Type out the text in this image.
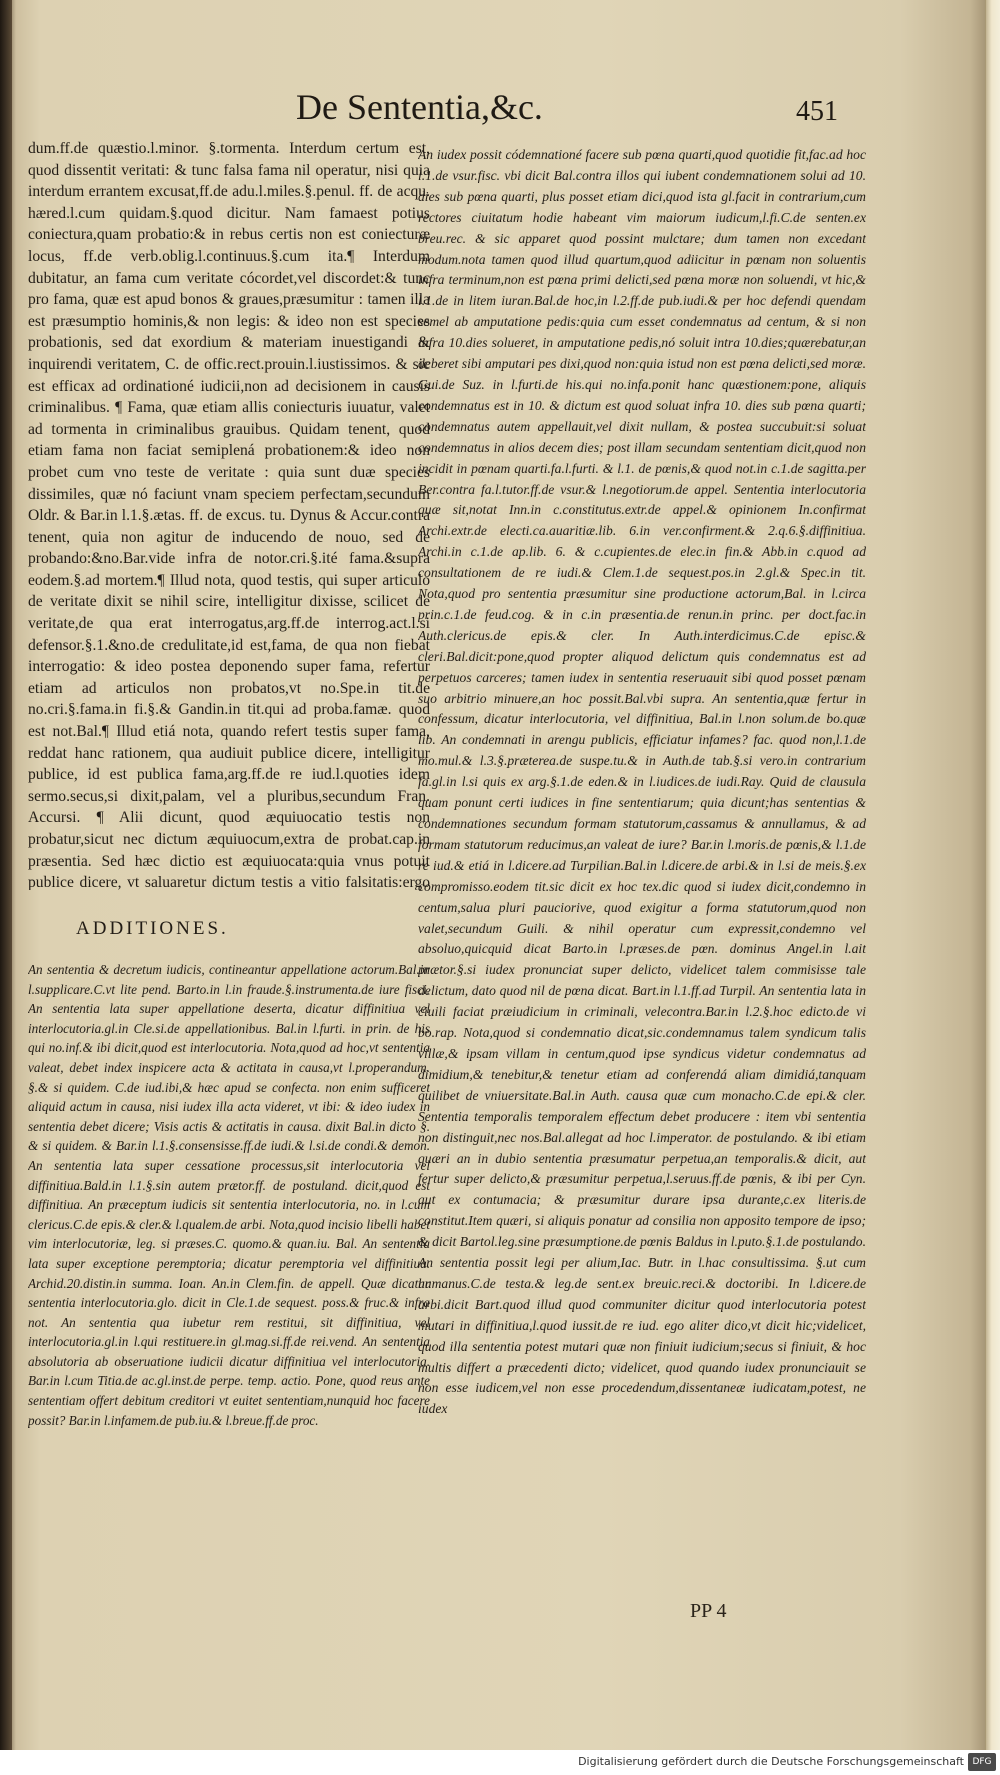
De Sententia,&c.	451

dum.ff.de quæstio.l.minor. §.tormenta. Interdum certum est, quod dissentit veritati: & tunc falsa fama nil operatur, nisi quia interdum errantem excusat,ff.de adu.l.miles.§.penul. ff. de acqu. hæred.l.cum quidam.§.quod dicitur. Nam famaest potius coniectura,quam probatio:& in rebus certis non est coniecturæ locus, ff.de verb.oblig.l.continuus.§.cum ita.¶ Interdum dubitatur, an fama cum veritate cócordet,vel discordet:& tunc pro fama, quæ est apud bonos & graues,præsumitur : tamen illa est præsumptio hominis,& non legis: & ideo non est species probationis, sed dat exordium & materiam inuestigandi & inquirendi veritatem, C. de offic.rect.prouin.l.iustissimos. & sic est efficax ad ordinationé iudicii,non ad decisionem in causis criminalibus. ¶ Fama, quæ etiam allis coniecturis iuuatur, valet ad tormenta in criminalibus grauibus. Quidam tenent, quod etiam fama non faciat semiplená probationem:& ideo non probet cum vno teste de veritate : quia sunt duæ species dissimiles, quæ nó faciunt vnam speciem perfectam,secundum Oldr. & Bar.in l.1.§.ætas. ff. de excus. tu. Dynus & Accur.contra tenent, quia non agitur de inducendo de nouo, sed de probando:&no.Bar.vide infra de notor.cri.§.ité fama.&supra eodem.§.ad mortem.¶ Illud nota, quod testis, qui super articulo de veritate dixit se nihil scire, intelligitur dixisse, scilicet de veritate,de qua erat interrogatus,arg.ff.de interrog.act.l.si defensor.§.1.&no.de credulitate,id est,fama, de qua non fiebat interrogatio: & ideo postea deponendo super fama, refertur etiam ad articulos non probatos,vt no.Spe.in tit.de no.cri.§.fama.in fi.§.& Gandin.in tit.qui ad proba.famæ. quod est not.Bal.¶ Illud etiá nota, quando refert testis super fama, reddat hanc rationem, qua audiuit publice dicere, intelligitur publice, id est publica fama,arg.ff.de re iud.l.quoties idem sermo.secus,si dixit,palam, vel a pluribus,secundum Fran. Accursi. ¶ Alii dicunt, quod æquiuocatio testis non probatur,sicut nec dictum æquiuocum,extra de probat.cap.in præsentia. Sed hæc dictio est æquiuocata:quia vnus potuit publice dicere, vt saluaretur dictum testis a vitio falsitatis:ergo

ADDITIONES.

An sententia & decretum iudicis, contineantur appellatione actorum.Bal.in l.supplicare.C.vt lite pend. Barto.in l.in fraude.§.instrumenta.de iure fisci. An sententia lata super appellatione deserta, dicatur diffinitiua vel interlocutoria.gl.in Cle.si.de appellationibus. Bal.in l.furti. in prin. de his qui no.inf.& ibi dicit,quod est interlocutoria. Nota,quod ad hoc,vt sententia valeat, debet index inspicere acta & actitata in causa,vt l.properandum. §.& si quidem. C.de iud.ibi,& hæc apud se confecta. non enim sufficeret aliquid actum in causa, nisi iudex illa acta videret, vt ibi: & ideo iudex in sententia debet dicere; Visis actis & actitatis in causa. dixit Bal.in dicto §. & si quidem. & Bar.in l.1.§.consensisse.ff.de iudi.& l.si.de condi.& demon. An sententia lata super cessatione processus,sit interlocutoria vel diffinitiua.Bald.in l.1.§.sin autem prætor.ff. de postuland. dicit,quod est diffinitiua. An præceptum iudicis sit sententia interlocutoria, no. in l.cum clericus.C.de epis.& cler.& l.qualem.de arbi. Nota,quod incisio libelli habet vim interlocutoriæ, leg. si præses.C. quomo.& quan.iu. Bal. An sententia lata super exceptione peremptoria; dicatur peremptoria vel diffinitiua. Archid.20.distin.in summa. Ioan. An.in Clem.fin. de appell. Quæ dicatur sententia interlocutoria.glo. dicit in Cle.1.de sequest. poss.& fruc.& infra not. An sententia qua iubetur rem restitui, sit diffinitiua, vel interlocutoria.gl.in l.qui restituere.in gl.mag.si.ff.de rei.vend. An sententia absolutoria ab obseruatione iudicii dicatur diffinitiua vel interlocutoria. Bar.in l.cum Titia.de ac.gl.inst.de perpe. temp. actio. Pone, quod reus ante sententiam offert debitum creditori vt euitet sententiam,nunquid hoc facere possit? Bar.in l.infamem.de pub.iu.& l.breue.ff.de proc.

An iudex possit códemnationé facere sub pœna quarti,quod quotidie fit,fac.ad hoc l.1.de vsur.fisc. vbi dicit Bal.contra illos qui iubent condemnationem solui ad 10. dies sub pœna quarti, plus posset etiam dici,quod ista gl.facit in contrarium,cum rectores ciuitatum hodie habeant vim maiorum iudicum,l.fi.C.de senten.ex breu.rec. & sic apparet quod possint mulctare; dum tamen non excedant modum.nota tamen quod illud quartum,quod adiicitur in pœnam non soluentis infra terminum,non est pœna primi delicti,sed pœna moræ non soluendi, vt hic,& l.1.de in litem iuran.Bal.de hoc,in l.2.ff.de pub.iudi.& per hoc defendi quendam semel ab amputatione pedis:quia cum esset condemnatus ad centum, & si non infra 10.dies solueret, in amputatione pedis,nó soluit intra 10.dies;quærebatur,an deberet sibi amputari pes dixi,quod non:quia istud non est pœna delicti,sed moræ. Gui.de Suz. in l.furti.de his.qui no.infa.ponit hanc quæstionem:pone, aliquis condemnatus est in 10. & dictum est quod soluat infra 10. dies sub pœna quarti; condemnatus autem appellauit,vel dixit nullam, & postea succubuit:si soluat condemnatus in alios decem dies; post illam secundam sententiam dicit,quod non incidit in pœnam quarti.fa.l.furti. & l.1. de pœnis,& quod not.in c.1.de sagitta.per Ber.contra fa.l.tutor.ff.de vsur.& l.negotiorum.de appel. Sententia interlocutoria quæ sit,notat Inn.in c.constitutus.extr.de appel.& opinionem In.confirmat Archi.extr.de electi.ca.auaritiæ.lib. 6.in ver.confirment.& 2.q.6.§.diffinitiua. Archi.in c.1.de ap.lib. 6. & c.cupientes.de elec.in fin.& Abb.in c.quod ad consultationem de re iudi.& Clem.1.de sequest.pos.in 2.gl.& Spec.in tit. Nota,quod pro sententia præsumitur sine productione actorum,Bal. in l.circa prin.c.1.de feud.cog. & in c.in præsentia.de renun.in princ. per doct.fac.in Auth.clericus.de epis.& cler. In Auth.interdicimus.C.de episc.& cleri.Bal.dicit:pone,quod propter aliquod delictum quis condemnatus est ad perpetuos carceres; tamen iudex in sententia reseruauit sibi quod posset pœnam suo arbitrio minuere,an hoc possit.Bal.vbi supra. An sententia,quæ fertur in confessum, dicatur interlocutoria, vel diffinitiua, Bal.in l.non solum.de bo.quæ lib. An condemnati in arengu publicis, efficiatur infames? fac. quod non,l.1.de mo.mul.& l.3.§.præterea.de suspe.tu.& in Auth.de tab.§.si vero.in contrarium fa.gl.in l.si quis ex arg.§.1.de eden.& in l.iudices.de iudi.Ray. Quid de clausula quam ponunt certi iudices in fine sententiarum; quia dicunt;has sententias & condemnationes secundum formam statutorum,cassamus & annullamus, & ad formam statutorum reducimus,an valeat de iure? Bar.in l.moris.de pœnis,& l.1.de re iud.& etiá in l.dicere.ad Turpilian.Bal.in l.dicere.de arbi.& in l.si de meis.§.ex compromisso.eodem tit.sic dicit ex hoc tex.dic quod si iudex dicit,condemno in centum,salua pluri pauciorive, quod exigitur a forma statutorum,quod non valet,secundum Guili. & nihil operatur cum expressit,condemno vel absoluo,quicquid dicat Barto.in l.præses.de pœn. dominus Angel.in l.ait prætor.§.si iudex pronunciat super delicto, videlicet talem commisisse tale delictum, dato quod nil de pœna dicat. Bart.in l.1.ff.ad Turpil. An sententia lata in ciuili faciat præiudicium in criminali, velecontra.Bar.in l.2.§.hoc edicto.de vi bo.rap. Nota,quod si condemnatio dicat,sic.condemnamus talem syndicum talis villæ,& ipsam villam in centum,quod ipse syndicus videtur condemnatus ad dimidium,& tenebitur,& tenetur etiam ad conferendá aliam dimidiá,tanquam quilibet de vniuersitate.Bal.in Auth. causa quæ cum monacho.C.de epi.& cler. Sententia temporalis temporalem effectum debet producere : item vbi sententia non distinguit,nec nos.Bal.allegat ad hoc l.imperator. de postulando. & ibi etiam quæri an in dubio sententia præsumatur perpetua,an temporalis.& dicit, aut fertur super delicto,& præsumitur perpetua,l.seruus.ff.de pœnis, & ibi per Cyn. aut ex contumacia; & præsumitur durare ipsa durante,c.ex literis.de constitut.Item quæri, si aliquis ponatur ad consilia non apposito tempore de ipso; & dicit Bartol.leg.sine præsumptione.de pœnis Baldus in l.puto.§.1.de postulando. An sententia possit legi per alium,Iac. Butr. in l.hac consultissima. §.ut cum humanus.C.de testa.& leg.de sent.ex breuic.reci.& doctoribi. In l.dicere.de arbi.dicit Bart.quod illud quod communiter dicitur quod interlocutoria potest mutari in diffinitiua,l.quod iussit.de re iud. ego aliter dico,vt dicit hic;videlicet, quod illa sententia potest mutari quæ non finiuit iudicium;secus si finiuit, & hoc multis differt a præcedenti dicto; videlicet, quod quando iudex pronunciauit se non esse iudicem,vel non esse procedendum,dissentaneæ iudicatam,potest, ne iudex

PP 4
Digitalisierung gefördert durch die Deutsche Forschungsgemeinschaft DFG
